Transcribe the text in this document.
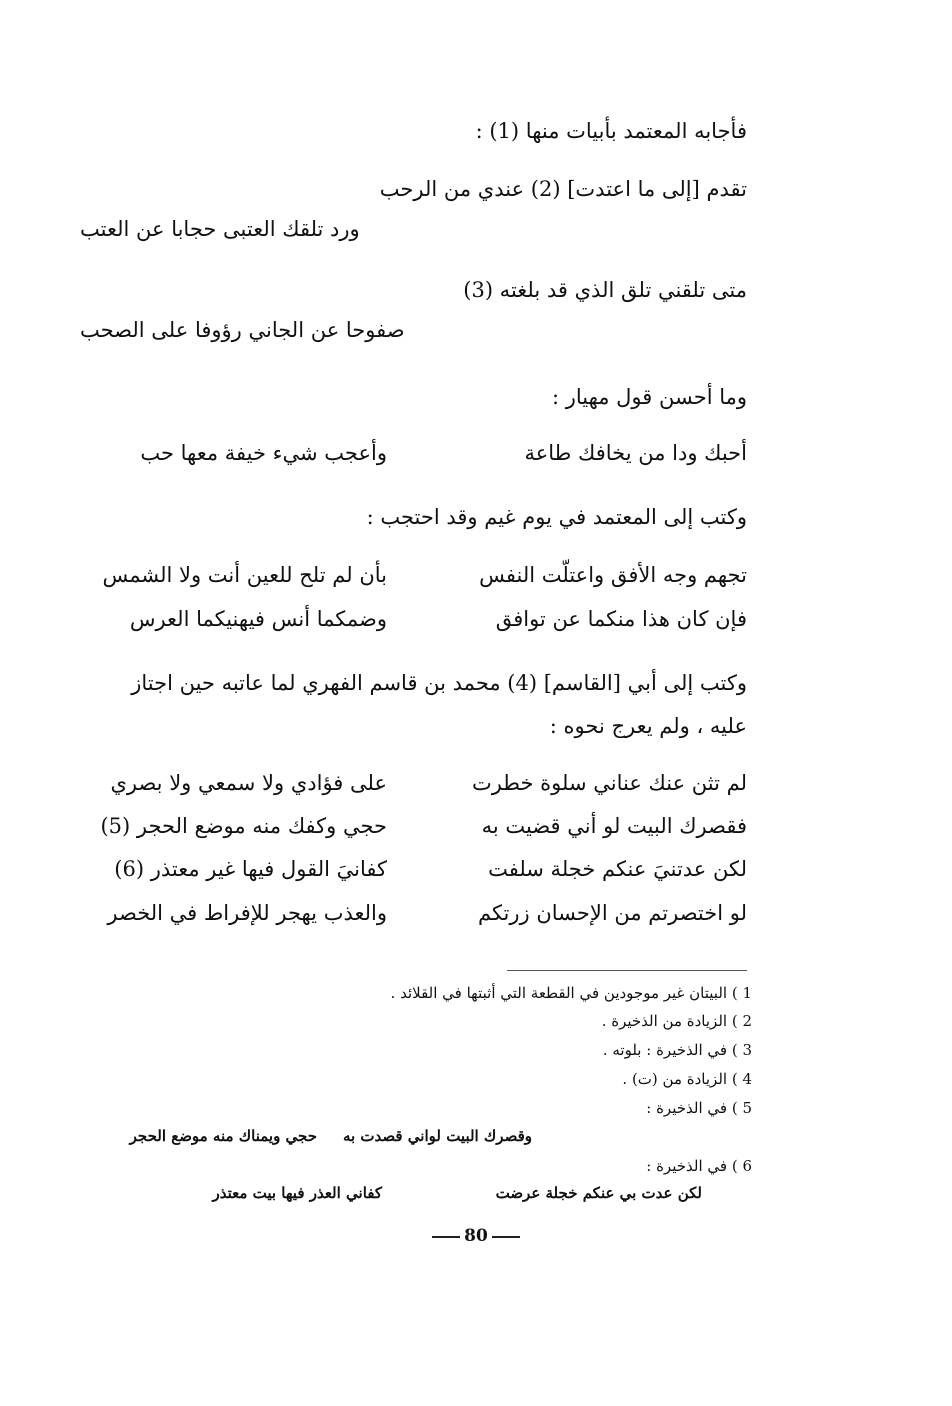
فأجابه المعتمد بأبيات منها (1) :
تقدم [إلى ما اعتدت] (2) عندي من الرحب
ورد تلقك العتبى حجابا عن العتب
متى تلقني تلق الذي قد بلغته (3)
صفوحا عن الجاني رؤوفا على الصحب
وما أحسن قول مهيار :
أحبك ودا من يخافك طاعة
وأعجب شيء خيفة معها حب
وكتب إلى المعتمد في يوم غيم وقد احتجب :
تجهم وجه الأفق واعتلّت النفس
بأن لم تلح للعين أنت ولا الشمس
فإن كان هذا منكما عن توافق
وضمكما أنس فيهنيكما العرس
وكتب إلى أبي [القاسم] (4) محمد بن قاسم الفهري لما عاتبه حين اجتاز
عليه ، ولم يعرج نحوه :
لم تثن عنك عناني سلوة خطرت
على فؤادي ولا سمعي ولا بصري
فقصرك البيت لو أني قضيت به
حجي وكفك منه موضع الحجر (5)
لكن عدتنيَ عنكم خجلة سلفت
كفانيَ القول فيها غير معتذر (6)
لو اختصرتم من الإحسان زرتكم
والعذب يهجر للإفراط في الخصر
1 ) البيتان غير موجودين في القطعة التي أثبتها في القلائد .
2 ) الزيادة من الذخيرة .
3 ) في الذخيرة : بلوته .
4 ) الزيادة من (ت) .
5 ) في الذخيرة :
وقصرك البيت لواني قصدت به
حجي ويمناك منه موضع الحجر
6 ) في الذخيرة :
لكن عدت بي عنكم خجلة عرضت
كفاني العذر فيها بيت معتذر
80
